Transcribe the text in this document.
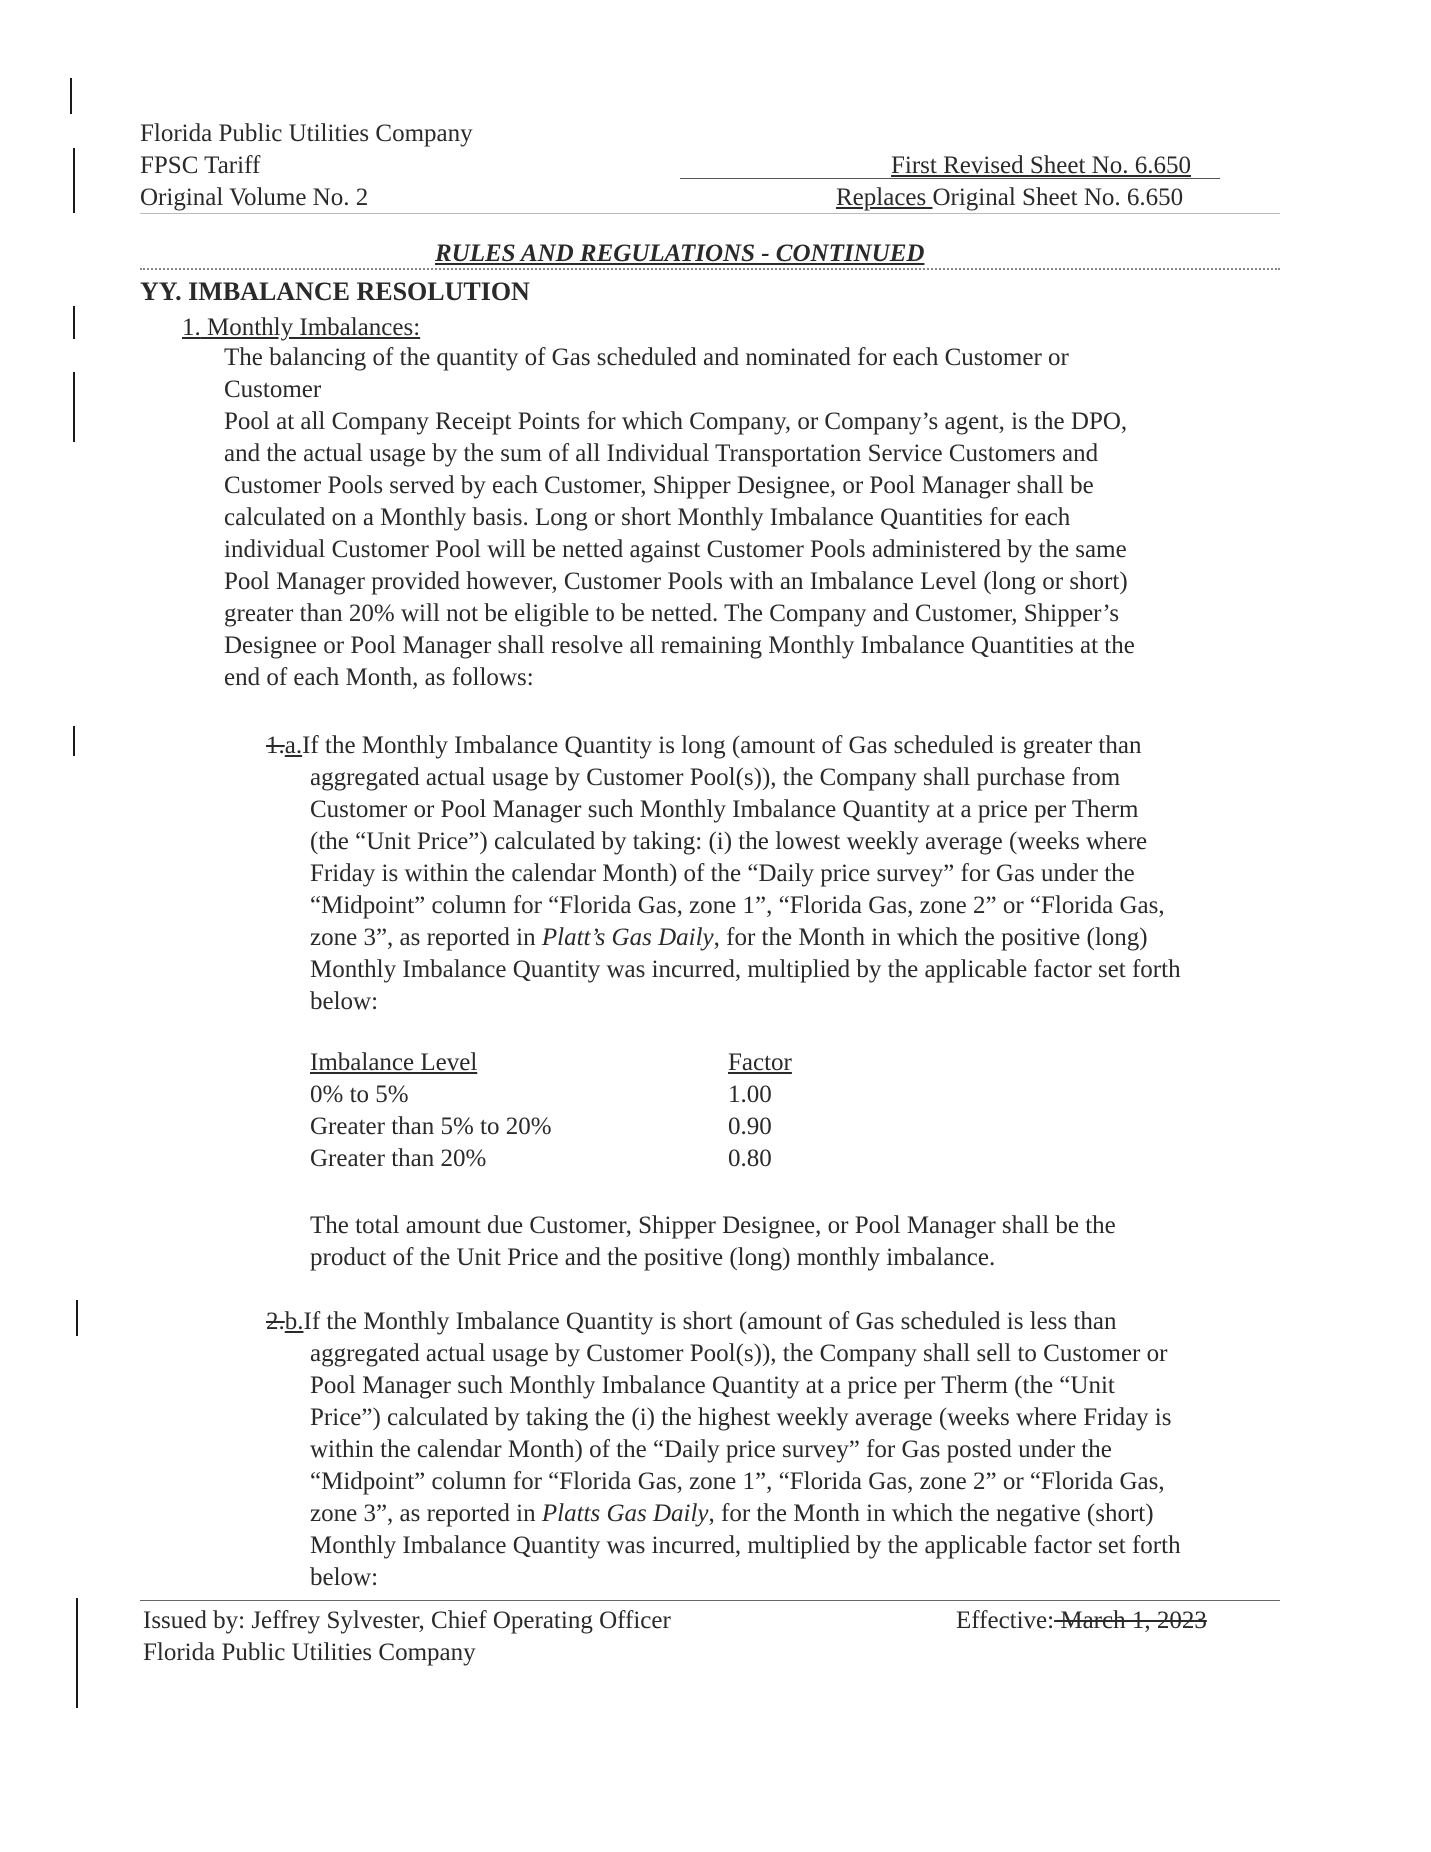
Florida Public Utilities Company
FPSC Tariff
Original Volume No. 2
First Revised Sheet No. 6.650
Replaces Original Sheet No. 6.650
RULES AND REGULATIONS - CONTINUED
YY. IMBALANCE RESOLUTION
1. Monthly Imbalances:

The balancing of the quantity of Gas scheduled and nominated for each Customer or

Customer

Pool at all Company Receipt Points for which Company, or Company’s agent, is the DPO,

and the actual usage by the sum of all Individual Transportation Service Customers and

Customer Pools served by each Customer, Shipper Designee, or Pool Manager shall be

calculated on a Monthly basis. Long or short Monthly Imbalance Quantities for each

individual Customer Pool will be netted against Customer Pools administered by the same

Pool Manager provided however, Customer Pools with an Imbalance Level (long or short)

greater than 20% will not be eligible to be netted. The Company and Customer, Shipper’s

Designee or Pool Manager shall resolve all remaining Monthly Imbalance Quantities at the

end of each Month, as follows:

1.a.If the Monthly Imbalance Quantity is long (amount of Gas scheduled is greater than

aggregated actual usage by Customer Pool(s)), the Company shall purchase from

Customer or Pool Manager such Monthly Imbalance Quantity at a price per Therm

(the “Unit Price”) calculated by taking: (i) the lowest weekly average (weeks where

Friday is within the calendar Month) of the “Daily price survey” for Gas under the

“Midpoint” column for “Florida Gas, zone 1”, “Florida Gas, zone 2” or “Florida Gas,

zone 3”, as reported in Platt’s Gas Daily, for the Month in which the positive (long)

Monthly Imbalance Quantity was incurred, multiplied by the applicable factor set forth

below:

Imbalance Level	Factor
0% to 5%	1.00
Greater than 5% to 20%	0.90
Greater than 20%	0.80

The total amount due Customer, Shipper Designee, or Pool Manager shall be the

product of the Unit Price and the positive (long) monthly imbalance.

2.b.If the Monthly Imbalance Quantity is short (amount of Gas scheduled is less than

aggregated actual usage by Customer Pool(s)), the Company shall sell to Customer or

Pool Manager such Monthly Imbalance Quantity at a price per Therm (the “Unit

Price”) calculated by taking the (i) the highest weekly average (weeks where Friday is

within the calendar Month) of the “Daily price survey” for Gas posted under the

“Midpoint” column for “Florida Gas, zone 1”, “Florida Gas, zone 2” or “Florida Gas,

zone 3”, as reported in Platts Gas Daily, for the Month in which the negative (short)

Monthly Imbalance Quantity was incurred, multiplied by the applicable factor set forth

below:

Issued by: Jeffrey Sylvester, Chief Operating Officer
Florida Public Utilities Company
Effective: March 1, 2023
